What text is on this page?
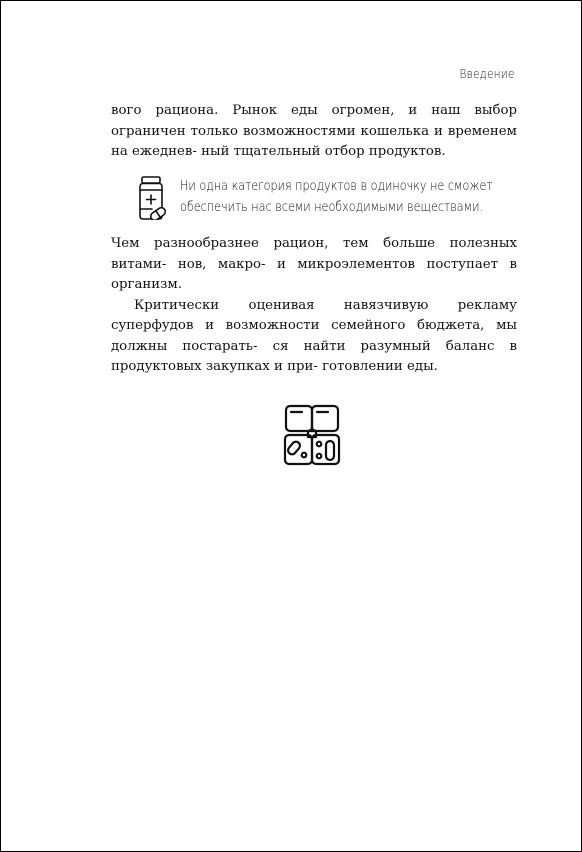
Введение

вого рациона. Рынок еды огромен, и наш выбор ограничен только возможностями кошелька и временем на ежеднев- ный тщательный отбор продуктов.

Ни одна категория продуктов в одиночку не сможет
обеспечить нас всеми необходимыми веществами.

Чем разнообразнее рацион, тем больше полезных витами- нов, макро- и микроэлементов поступает в организм.

Критически оценивая навязчивую рекламу суперфудов и возможности семейного бюджета, мы должны постарать- ся найти разумный баланс в продуктовых закупках и при- готовлении еды.
